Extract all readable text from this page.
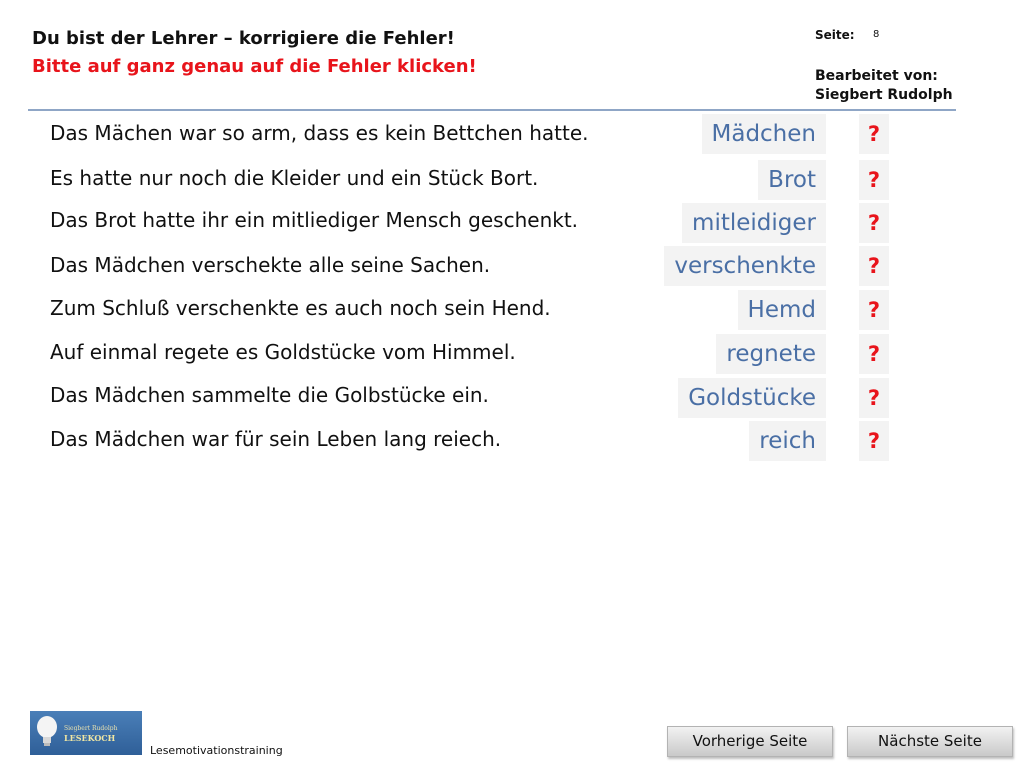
Du bist der Lehrer – korrigiere die Fehler!
Bitte auf ganz genau auf die Fehler klicken!
Seite: 8
Bearbeitet von:
Siegbert Rudolph
Das Mächen war so arm, dass es kein Bettchen hatte.	Mädchen	?
Es hatte nur noch die Kleider und ein Stück Bort.	Brot	?
Das Brot hatte ihr ein mitliediger Mensch geschenkt.	mitleidiger	?
Das Mädchen verschekte alle seine Sachen.	verschenkte	?
Zum Schluß verschenkte es auch noch sein Hend.	Hemd	?
Auf einmal regete es Goldstücke vom Himmel.	regnete	?
Das Mädchen sammelte die Golbstücke ein.	Goldstücke	?
Das Mädchen war für sein Leben lang reiech.	reich	?
Siegbert Rudolph
LESEKOCH
Lesemotivationstraining
Vorherige Seite	Nächste Seite
